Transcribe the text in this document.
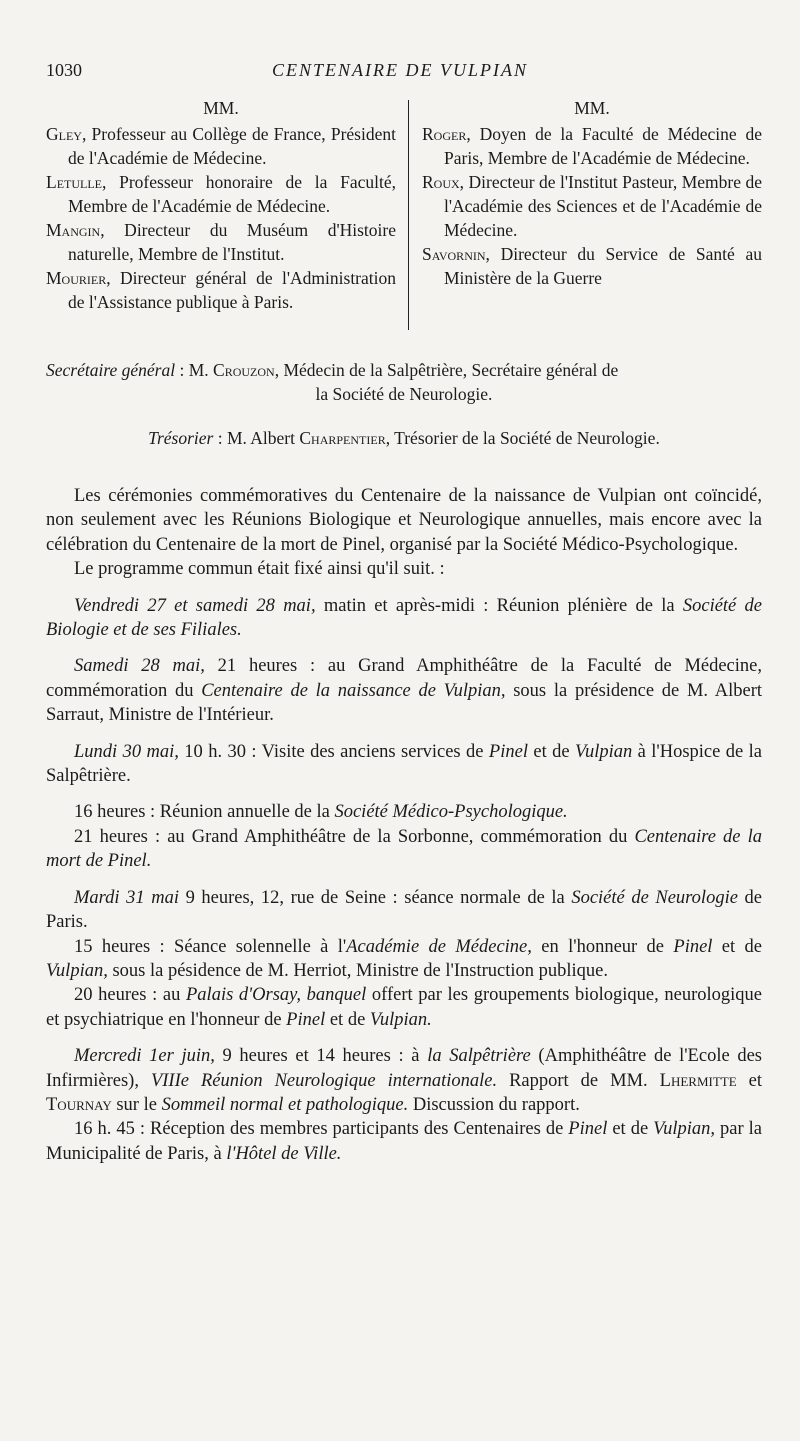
1030	CENTENAIRE DE VULPIAN
MM.
Gley, Professeur au Collège de France, Président de l'Académie de Médecine.
Letulle, Professeur honoraire de la Faculté, Membre de l'Académie de Médecine.
Mangin, Directeur du Muséum d'Histoire naturelle, Membre de l'Institut.
Mourier, Directeur général de l'Administration de l'Assistance publique à Paris.
MM.
Roger, Doyen de la Faculté de Médecine de Paris, Membre de l'Académie de Médecine.
Roux, Directeur de l'Institut Pasteur, Membre de l'Académie des Sciences et de l'Académie de Médecine.
Savornin, Directeur du Service de Santé au Ministère de la Guerre
Secrétaire général : M. Crouzon, Médecin de la Salpêtrière, Secrétaire général de
la Société de Neurologie.
Trésorier : M. Albert Charpentier, Trésorier de la Société de Neurologie.

Les cérémonies commémoratives du Centenaire de la naissance de Vulpian ont coïncidé, non seulement avec les Réunions Biologique et Neurologique annuelles, mais encore avec la célébration du Centenaire de la mort de Pinel, organisé par la Société Médico-Psychologique.

Le programme commun était fixé ainsi qu'il suit. :

Vendredi 27 et samedi 28 mai, matin et après-midi : Réunion plénière de la Société de Biologie et de ses Filiales.

Samedi 28 mai, 21 heures : au Grand Amphithéâtre de la Faculté de Médecine, commémoration du Centenaire de la naissance de Vulpian, sous la présidence de M. Albert Sarraut, Ministre de l'Intérieur.

Lundi 30 mai, 10 h. 30 : Visite des anciens services de Pinel et de Vulpian à l'Hospice de la Salpêtrière.

16 heures : Réunion annuelle de la Société Médico-Psychologique.

21 heures : au Grand Amphithéâtre de la Sorbonne, commémoration du Centenaire de la mort de Pinel.

Mardi 31 mai 9 heures, 12, rue de Seine : séance normale de la Société de Neurologie de Paris.

15 heures : Séance solennelle à l'Académie de Médecine, en l'honneur de Pinel et de Vulpian, sous la pésidence de M. Herriot, Ministre de l'Instruction publique.

20 heures : au Palais d'Orsay, banquel offert par les groupements biologique, neurologique et psychiatrique en l'honneur de Pinel et de Vulpian.

Mercredi 1er juin, 9 heures et 14 heures : à la Salpêtrière (Amphithéâtre de l'Ecole des Infirmières), VIIIe Réunion Neurologique internationale. Rapport de MM. Lhermitte et Tournay sur le Sommeil normal et pathologique. Discussion du rapport.

16 h. 45 : Réception des membres participants des Centenaires de Pinel et de Vulpian, par la Municipalité de Paris, à l'Hôtel de Ville.
